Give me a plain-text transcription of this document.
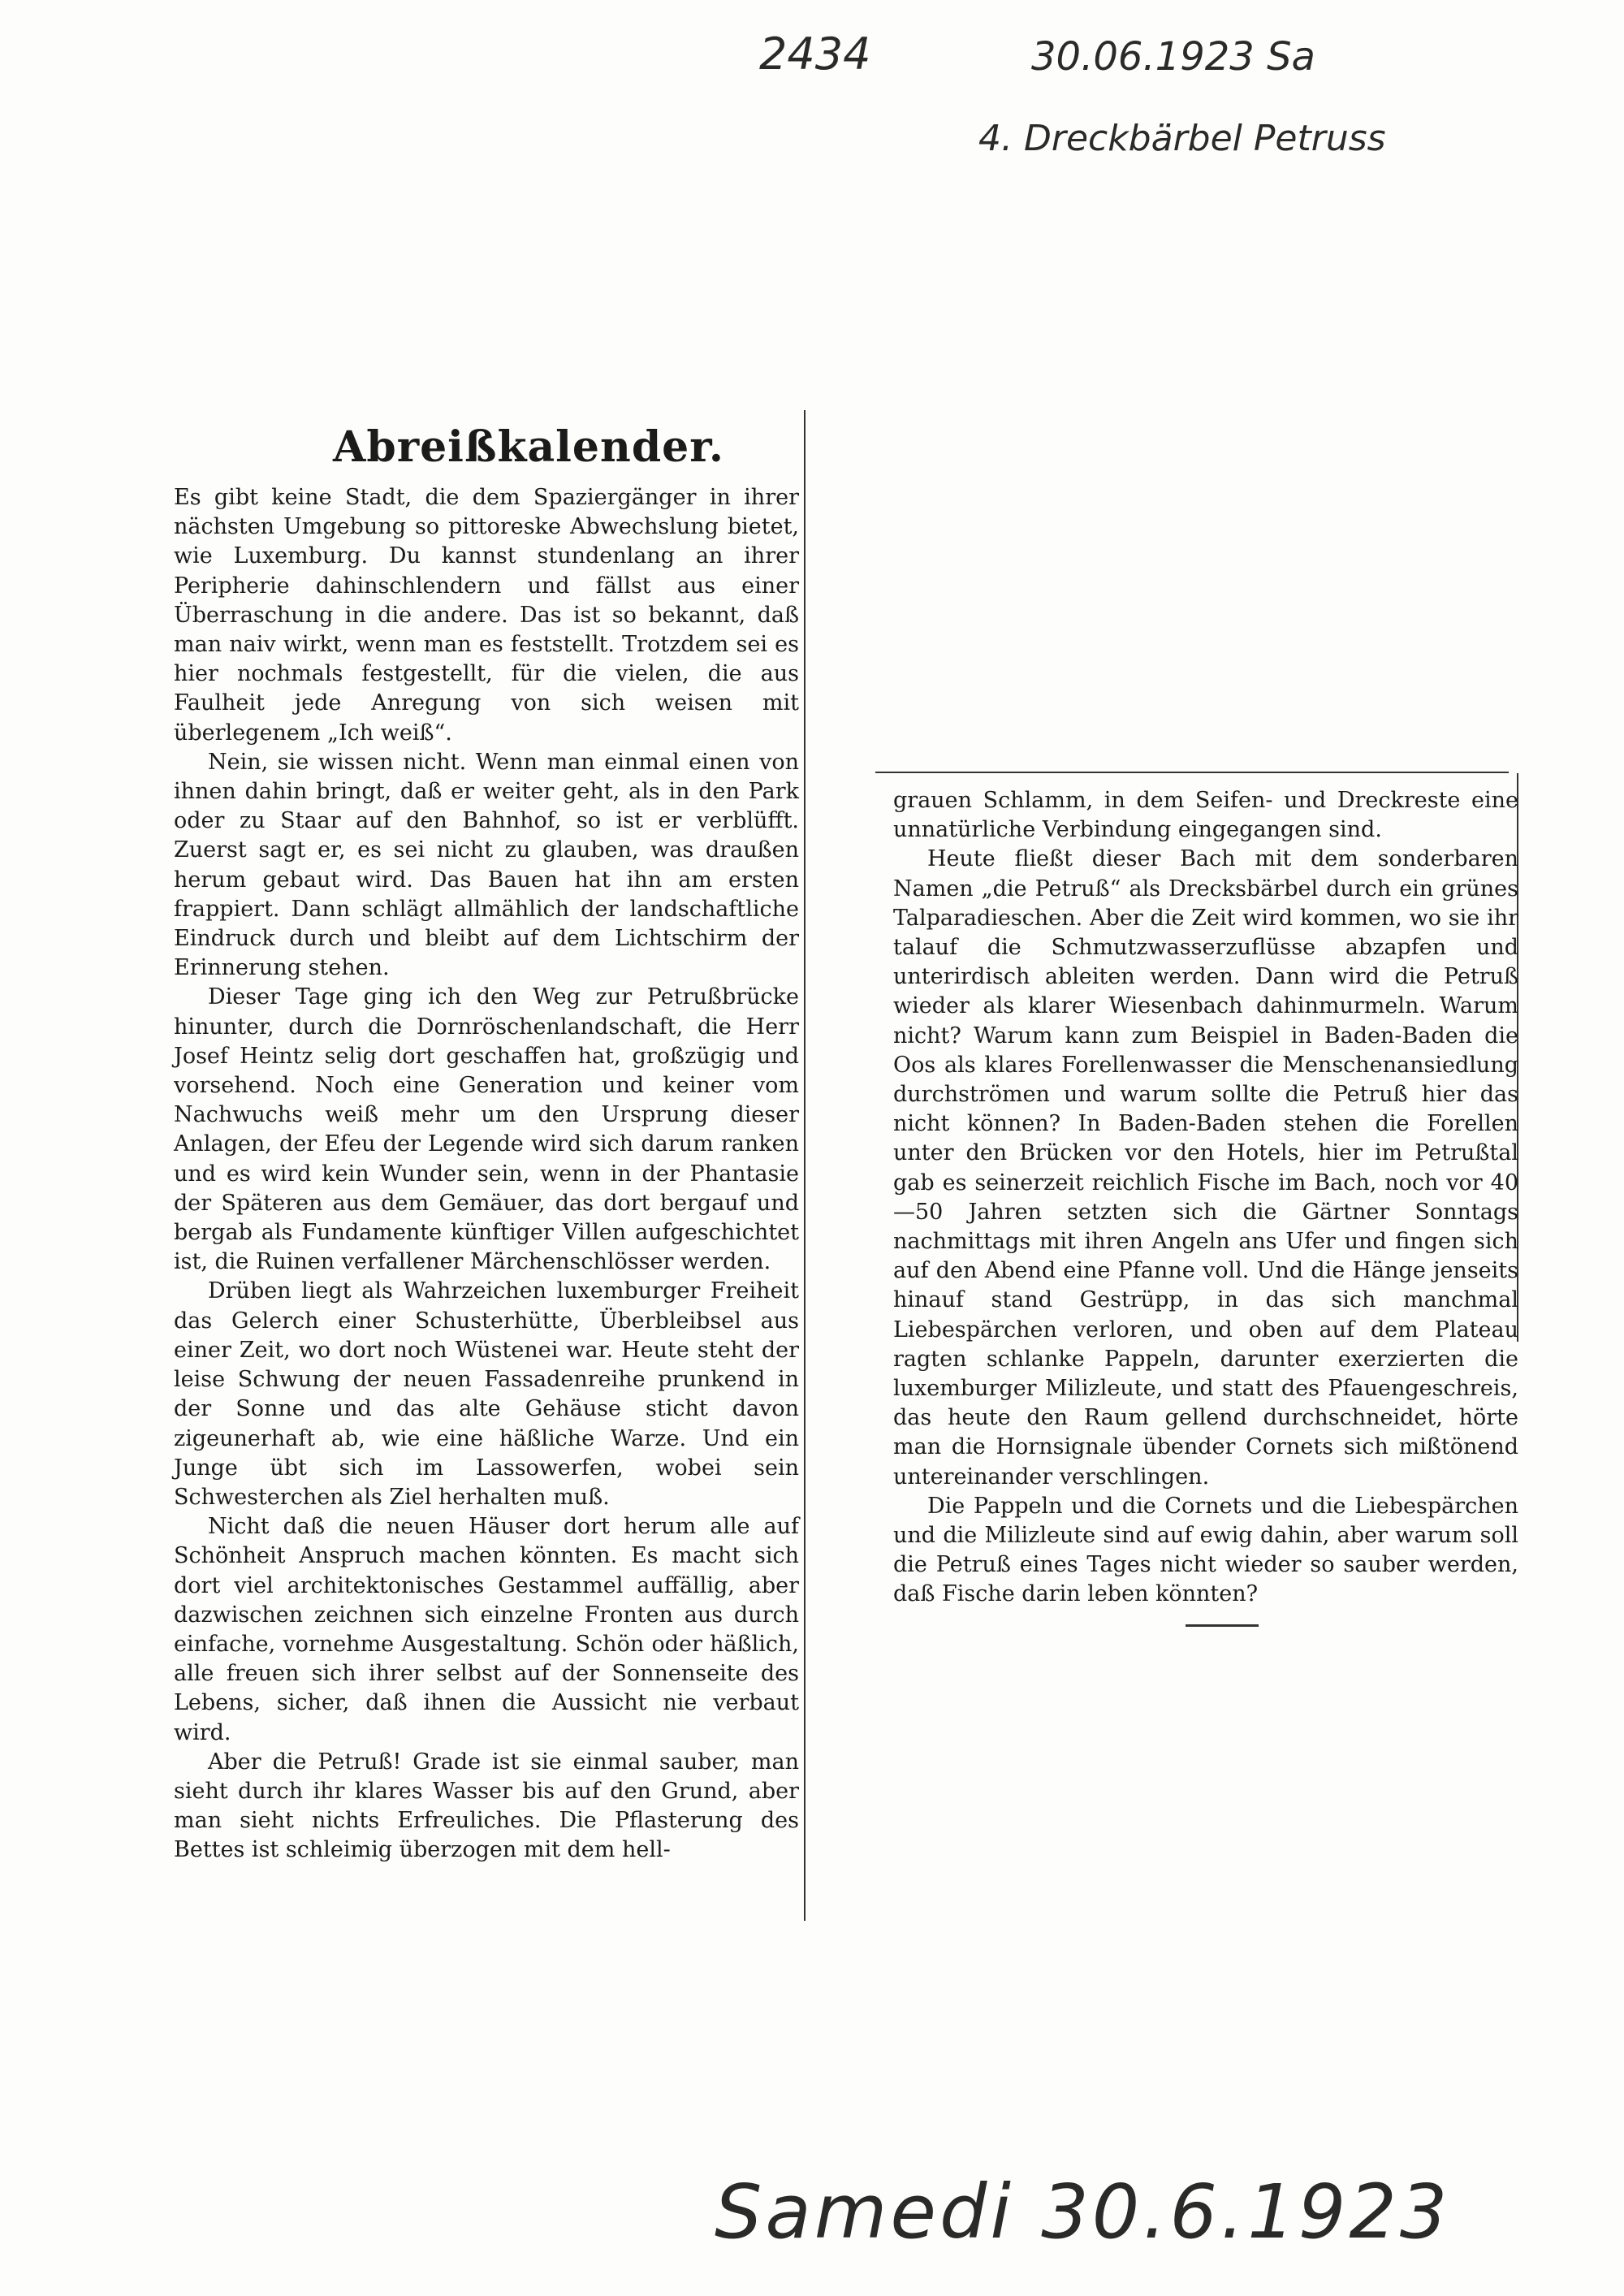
2434	30.06.1923 Sa
4. Dreckbärbel Petruss
Abreißkalender.

Es gibt keine Stadt, die dem Spaziergänger in ihrer nächsten Umgebung so pittoreske Abwechslung bietet, wie Luxemburg. Du kannst stundenlang an ihrer Peripherie dahinschlendern und fällst aus einer Überraschung in die andere. Das ist so bekannt, daß man naiv wirkt, wenn man es feststellt. Trotzdem sei es hier nochmals festgestellt, für die vielen, die aus Faulheit jede Anregung von sich weisen mit überlegenem „Ich weiß“.

Nein, sie wissen nicht. Wenn man einmal einen von ihnen dahin bringt, daß er weiter geht, als in den Park oder zu Staar auf den Bahnhof, so ist er verblüfft. Zuerst sagt er, es sei nicht zu glauben, was draußen herum gebaut wird. Das Bauen hat ihn am ersten frappiert. Dann schlägt allmählich der landschaftliche Eindruck durch und bleibt auf dem Lichtschirm der Erinnerung stehen.

Dieser Tage ging ich den Weg zur Petrußbrücke hinunter, durch die Dornröschenlandschaft, die Herr Josef Heintz selig dort geschaffen hat, großzügig und vorsehend. Noch eine Generation und keiner vom Nachwuchs weiß mehr um den Ursprung dieser Anlagen, der Efeu der Legende wird sich darum ranken und es wird kein Wunder sein, wenn in der Phantasie der Späteren aus dem Gemäuer, das dort bergauf und bergab als Fundamente künftiger Villen aufgeschichtet ist, die Ruinen verfallener Märchenschlösser werden.

Drüben liegt als Wahrzeichen luxemburger Freiheit das Gelerch einer Schusterhütte, Überbleibsel aus einer Zeit, wo dort noch Wüstenei war. Heute steht der leise Schwung der neuen Fassadenreihe prunkend in der Sonne und das alte Gehäuse sticht davon zigeunerhaft ab, wie eine häßliche Warze. Und ein Junge übt sich im Lassowerfen, wobei sein Schwesterchen als Ziel herhalten muß.

Nicht daß die neuen Häuser dort herum alle auf Schönheit Anspruch machen könnten. Es macht sich dort viel architektonisches Gestammel auffällig, aber dazwischen zeichnen sich einzelne Fronten aus durch einfache, vornehme Ausgestaltung. Schön oder häßlich, alle freuen sich ihrer selbst auf der Sonnenseite des Lebens, sicher, daß ihnen die Aussicht nie verbaut wird.

Aber die Petruß! Grade ist sie einmal sauber, man sieht durch ihr klares Wasser bis auf den Grund, aber man sieht nichts Erfreuliches. Die Pflasterung des Bettes ist schleimig überzogen mit dem hell-

grauen Schlamm, in dem Seifen- und Dreckreste eine unnatürliche Verbindung eingegangen sind.

Heute fließt dieser Bach mit dem sonderbaren Namen „die Petruß“ als Drecksbärbel durch ein grünes Talparadieschen. Aber die Zeit wird kommen, wo sie ihr talauf die Schmutzwasserzuflüsse abzapfen und unterirdisch ableiten werden. Dann wird die Petruß wieder als klarer Wiesenbach dahinmurmeln. Warum nicht? Warum kann zum Beispiel in Baden-Baden die Oos als klares Forellenwasser die Menschenansiedlung durchströmen und warum sollte die Petruß hier das nicht können? In Baden-Baden stehen die Forellen unter den Brücken vor den Hotels, hier im Petrußtal gab es seinerzeit reichlich Fische im Bach, noch vor 40—50 Jahren setzten sich die Gärtner Sonntags nachmittags mit ihren Angeln ans Ufer und fingen sich auf den Abend eine Pfanne voll. Und die Hänge jenseits hinauf stand Gestrüpp, in das sich manchmal Liebespärchen verloren, und oben auf dem Plateau ragten schlanke Pappeln, darunter exerzierten die luxemburger Milizleute, und statt des Pfauengeschreis, das heute den Raum gellend durchschneidet, hörte man die Hornsignale übender Cornets sich mißtönend untereinander verschlingen.

Die Pappeln und die Cornets und die Liebespärchen und die Milizleute sind auf ewig dahin, aber warum soll die Petruß eines Tages nicht wieder so sauber werden, daß Fische darin leben könnten?

Samedi 30.6.1923
